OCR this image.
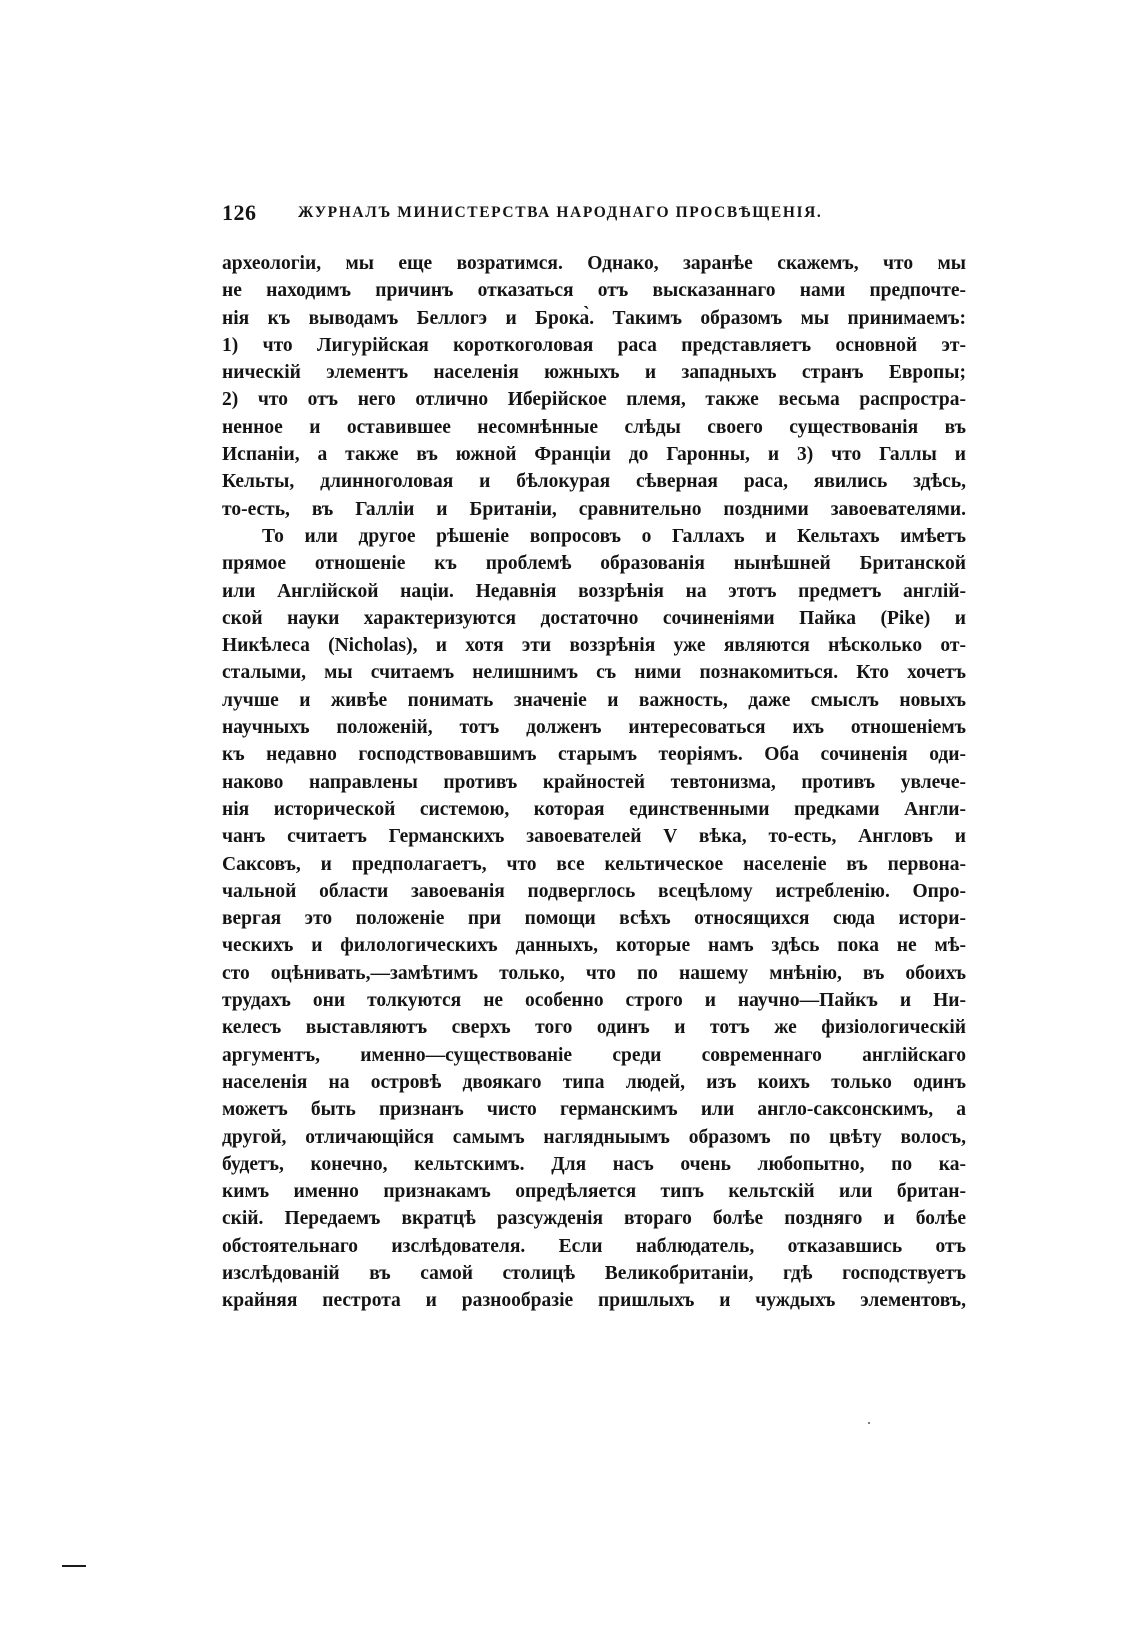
126	ЖУРНАЛЪ МИНИСТЕРСТВА НАРОДНАГО ПРОСВѢЩЕНІЯ.
археологіи, мы еще возратимся. Однако, заранѣе скажемъ, что мы
не находимъ причинъ отказаться отъ высказаннаго нами предпочте-
нія къ выводамъ Беллогэ и Брока̀. Такимъ образомъ мы принимаемъ:
1) что Лигурійская короткоголовая раса представляетъ основной эт-
ническій элементъ населенія южныхъ и западныхъ странъ Европы;
2) что отъ него отлично Иберійское племя, также весьма распростра-
ненное и оставившее несомнѣнные слѣды своего существованія въ
Испаніи, а также въ южной Франціи до Гаронны, и 3) что Галлы и
Кельты, длинноголовая и бѣлокурая сѣверная раса, явились здѣсь,
то-есть, въ Галліи и Британіи, сравнительно поздними завоевателями.
То или другое рѣшеніе вопросовъ о Галлахъ и Кельтахъ имѣетъ
прямое отношеніе къ проблемѣ образованія нынѣшней Британской
или Англійской націи. Недавнія воззрѣнія на этотъ предметъ англій-
ской науки характеризуются достаточно сочиненіями Пайка (Pike) и
Никѣлеса (Nicholas), и хотя эти воззрѣнія уже являются нѣсколько от-
сталыми, мы считаемъ нелишнимъ съ ними познакомиться. Кто хочетъ
лучше и живѣе понимать значеніе и важность, даже смыслъ новыхъ
научныхъ положеній, тотъ долженъ интересоваться ихъ отношеніемъ
къ недавно господствовавшимъ старымъ теоріямъ. Оба сочиненія оди-
наково направлены противъ крайностей тевтонизма, противъ увлече-
нія исторической системою, которая единственными предками Англи-
чанъ считаетъ Германскихъ завоевателей V вѣка, то-есть, Англовъ и
Саксовъ, и предполагаетъ, что все кельтическое населеніе въ первона-
чальной области завоеванія подверглось всецѣлому истребленію. Опро-
вергая это положеніе при помощи всѣхъ относящихся сюда истори-
ческихъ и филологическихъ данныхъ, которые намъ здѣсь пока не мѣ-
сто оцѣнивать,—замѣтимъ только, что по нашему мнѣнію, въ обоихъ
трудахъ они толкуются не особенно строго и научно—Пайкъ и Ни-
келесъ выставляютъ сверхъ того одинъ и тотъ же физіологическій
аргументъ, именно—существованіе среди современнаго англійскаго
населенія на островѣ двоякаго типа людей, изъ коихъ только одинъ
можетъ быть признанъ чисто германскимъ или англо-саксонскимъ, а
другой, отличающійся самымъ наглядныымъ образомъ по цвѣту волосъ,
будетъ, конечно, кельтскимъ. Для насъ очень любопытно, по ка-
кимъ именно признакамъ опредѣляется типъ кельтскій или британ-
скій. Передаемъ вкратцѣ разсужденія втораго болѣе поздняго и болѣе
обстоятельнаго изслѣдователя. Если наблюдатель, отказавшись отъ
изслѣдованій въ самой столицѣ Великобританіи, гдѣ господствуетъ
крайняя пестрота и разнообразіе пришлыхъ и чуждыхъ элементовъ,
